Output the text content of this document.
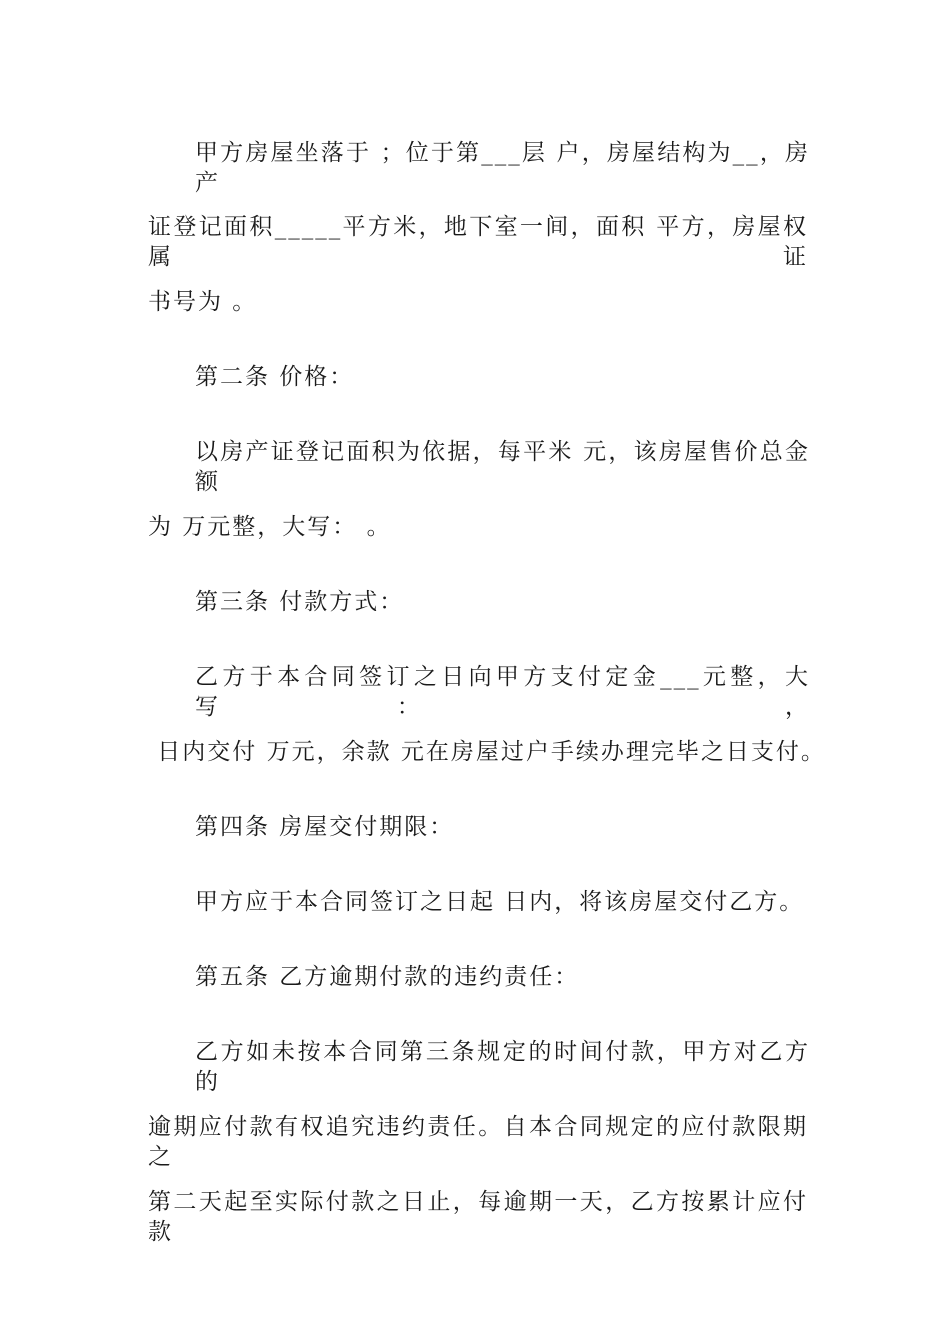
甲方房屋坐落于 ；位于第___层 户，房屋结构为__，房产
证登记面积_____平方米，地下室一间，面积 平方，房屋权属证
书号为 。
第二条 价格：
以房产证登记面积为依据，每平米 元，该房屋售价总金额
为 万元整，大写： 。
第三条 付款方式：
乙方于本合同签订之日向甲方支付定金___元整，大写： ，
日内交付 万元，余款 元在房屋过户手续办理完毕之日支付。
第四条 房屋交付期限：
甲方应于本合同签订之日起 日内，将该房屋交付乙方。
第五条 乙方逾期付款的违约责任：
乙方如未按本合同第三条规定的时间付款，甲方对乙方的
逾期应付款有权追究违约责任。自本合同规定的应付款限期之
第二天起至实际付款之日止，每逾期一天，乙方按累计应付款
